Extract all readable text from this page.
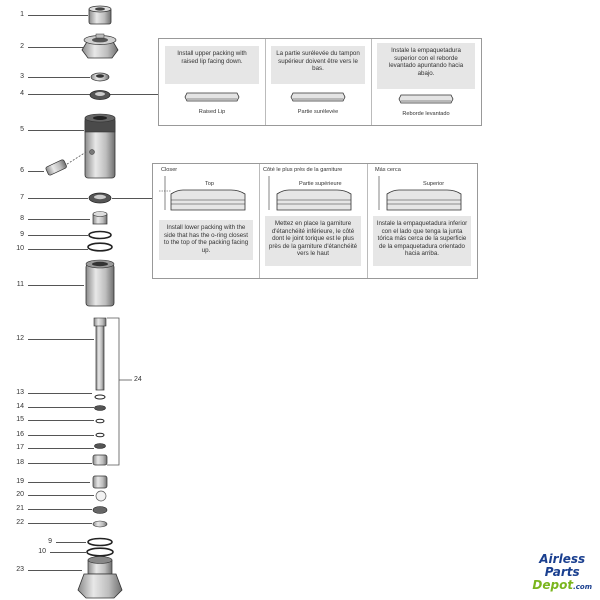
1
2
3
4
5
6
7
8
9
10
11
12
13
14
15
16
17
18
19
20
21
22
9
10
23
24
Install upper packing with raised lip facing down.
Raised Lip
La partie surélevée du tampon supérieur doivent être vers le bas.
Partie surélevée
Instale la empaquetadura superior con el reborde levantado apuntando hacia abajo.
Reborde levantado
Closer
Top
Install lower packing with the side that has the o-ring closest to the top of the packing facing up.
Côté le plus près de la garniture
Partie supérieure
Mettez en place la garniture d'étanchéité inférieure, le côté dont le joint torique est le plus près de la garniture d'étanchéité vers le haut
Más cerca
Superior
Instale la empaquetadura inferior con el lado que tenga la junta tórica más cerca de la superficie de la empaquetadura orientado hacia arriba.
Airless
Parts
Depot.com
